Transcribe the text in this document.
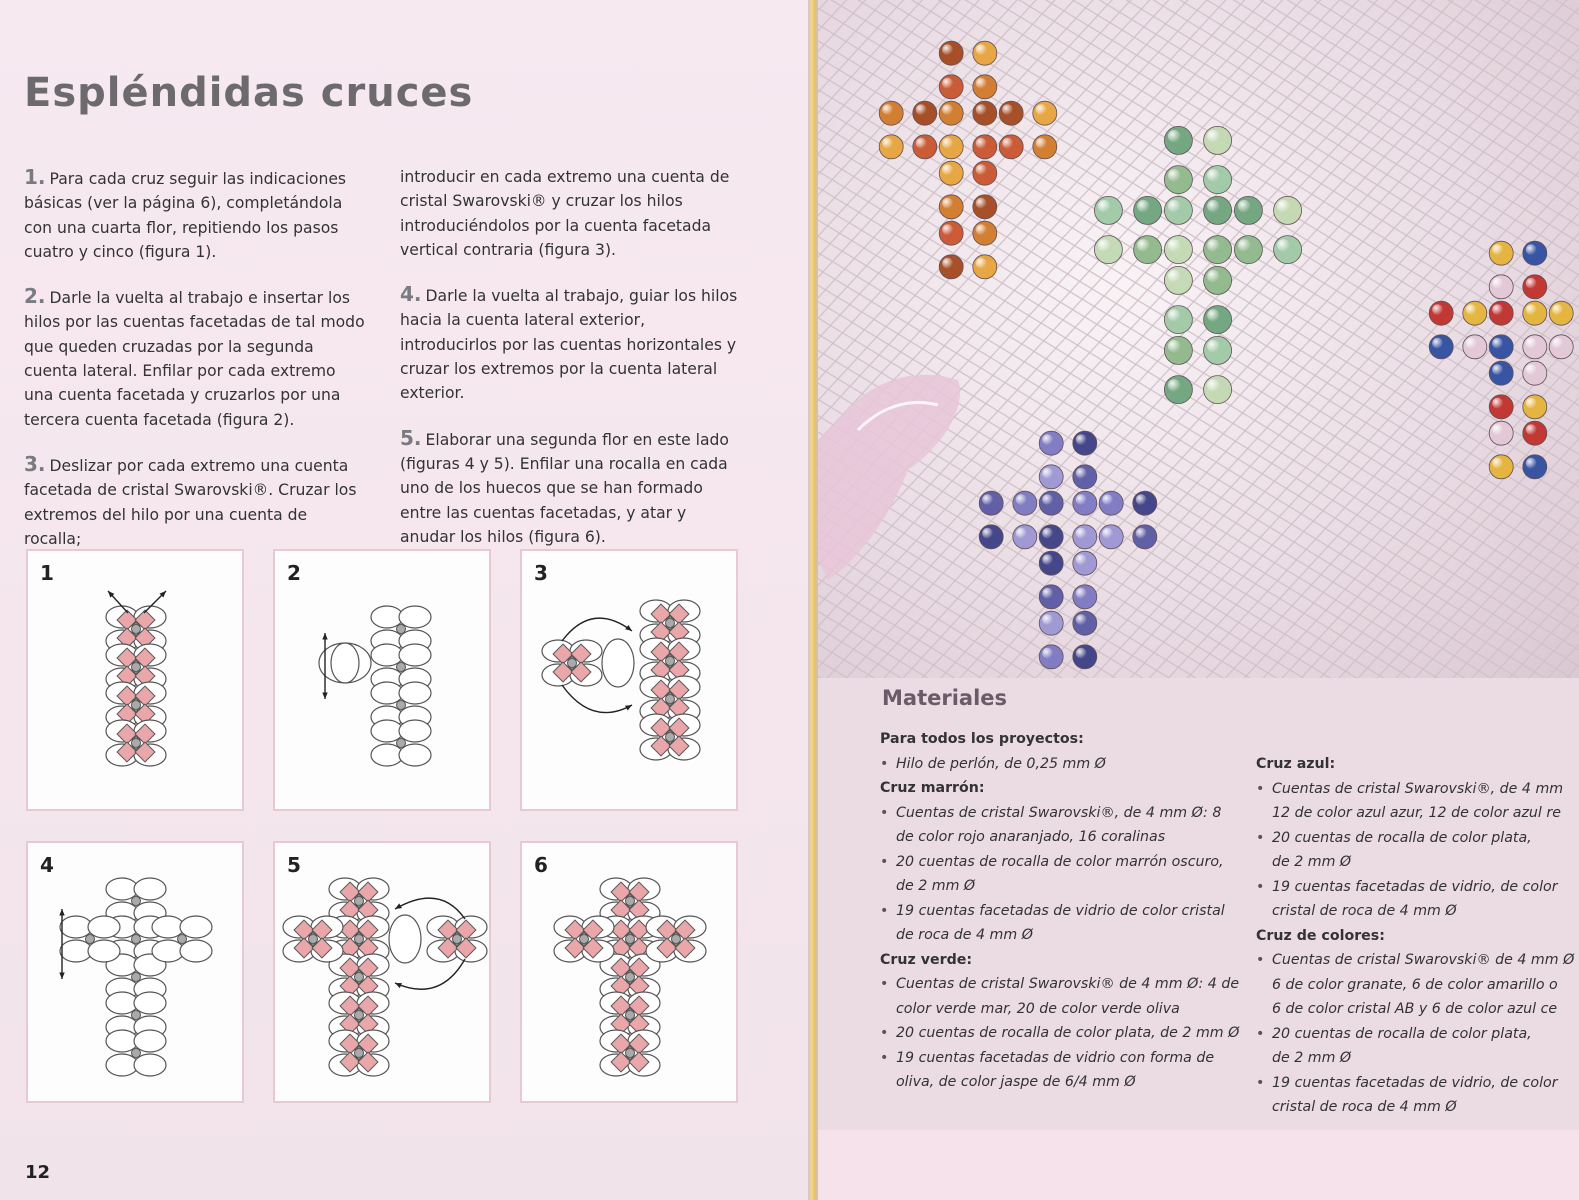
Espléndidas cruces

1. Para cada cruz seguir las indicaciones básicas (ver la página 6), completándola con una cuarta flor, repitiendo los pasos cuatro y cinco (figura 1).

2. Darle la vuelta al trabajo e insertar los hilos por las cuentas facetadas de tal modo que queden cruzadas por la segunda cuenta lateral. Enfilar por cada extremo una cuenta facetada y cruzarlos por una tercera cuenta facetada (figura 2).

3. Deslizar por cada extremo una cuenta facetada de cristal Swarovski®. Cruzar los extremos del hilo por una cuenta de rocalla;

introducir en cada extremo una cuenta de cristal Swarovski® y cruzar los hilos introduciéndolos por la cuenta facetada vertical contraria (figura 3).

4. Darle la vuelta al trabajo, guiar los hilos hacia la cuenta lateral exterior, introducirlos por las cuentas horizontales y cruzar los extremos por la cuenta lateral exterior.

5. Elaborar una segunda flor en este lado (figuras 4 y 5). Enfilar una rocalla en cada uno de los huecos que se han formado entre las cuentas facetadas, y atar y anudar los hilos (figura 6).

1	2	3
4	5	6
12
Materiales
Para todos los proyectos:
• Hilo de perlón, de 0,25 mm Ø
Cruz marrón:
• Cuentas de cristal Swarovski®, de 4 mm Ø: 8 de color rojo anaranjado, 16 coralinas
• 20 cuentas de rocalla de color marrón oscuro, de 2 mm Ø
• 19 cuentas facetadas de vidrio de color cristal de roca de 4 mm Ø
Cruz verde:
• Cuentas de cristal Swarovski® de 4 mm Ø: 4 de color verde mar, 20 de color verde oliva
• 20 cuentas de rocalla de color plata, de 2 mm Ø
• 19 cuentas facetadas de vidrio con forma de oliva, de color jaspe de 6/4 mm Ø
Cruz azul:
• Cuentas de cristal Swarovski®, de 4 mm
12 de color azul azur, 12 de color azul re
• 20 cuentas de rocalla de color plata,
de 2 mm Ø
• 19 cuentas facetadas de vidrio, de color
cristal de roca de 4 mm Ø
Cruz de colores:
• Cuentas de cristal Swarovski® de 4 mm Ø
6 de color granate, 6 de color amarillo o
6 de color cristal AB y 6 de color azul ce
• 20 cuentas de rocalla de color plata,
de 2 mm Ø
• 19 cuentas facetadas de vidrio, de color
cristal de roca de 4 mm Ø
